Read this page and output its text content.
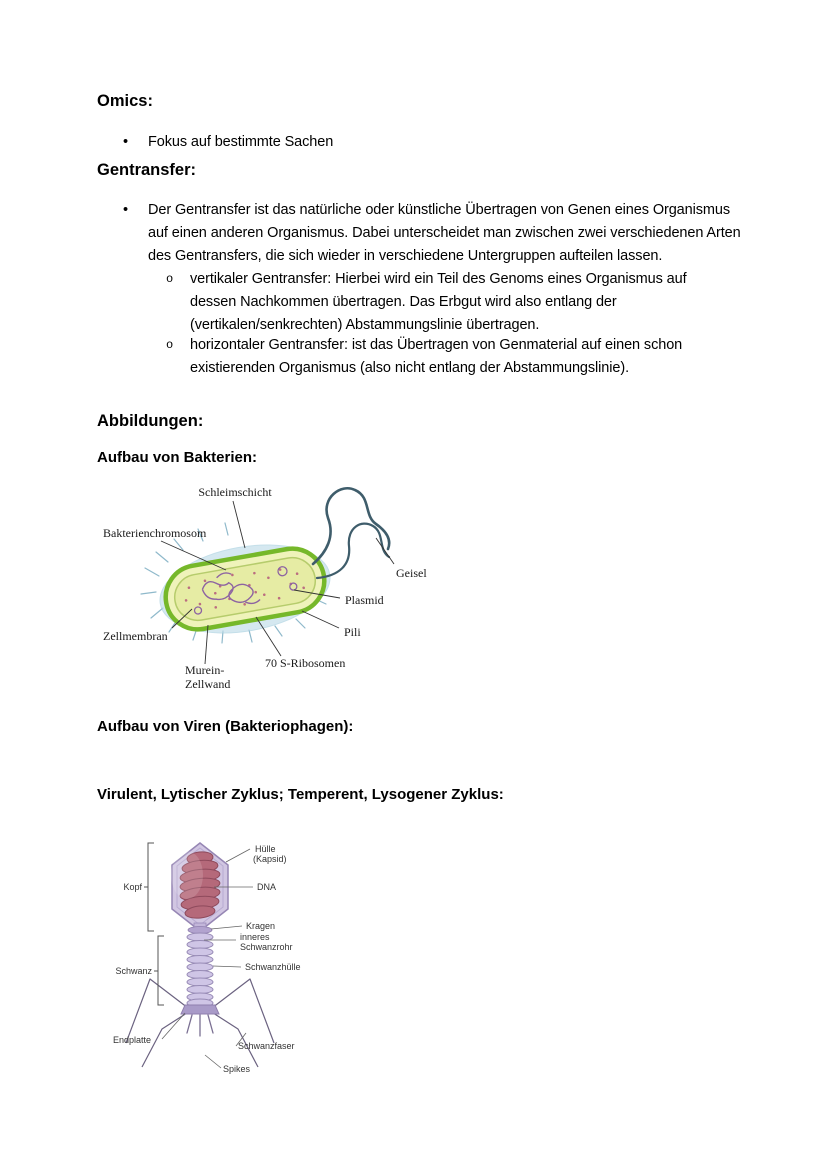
Omics:
•	Fokus auf bestimmte Sachen
Gentransfer:
•	Der Gentransfer ist das natürliche oder künstliche Übertragen von Genen eines Organismus auf einen anderen Organismus. Dabei unterscheidet man zwischen zwei verschiedenen Arten des Gentransfers, die sich wieder in verschiedene Untergruppen aufteilen lassen.
o	vertikaler Gentransfer: Hierbei wird ein Teil des Genoms eines Organismus auf dessen Nachkommen übertragen. Das Erbgut wird also entlang der (vertikalen/senkrechten) Abstammungslinie übertragen.
o	horizontaler Gentransfer: ist das Übertragen von Genmaterial auf einen schon existierenden Organismus (also nicht entlang der Abstammungslinie).
Abbildungen:
Aufbau von Bakterien:
Schleimschicht
Bakterienchromosom
Geisel
Plasmid
Pili
70 S-Ribosomen
Zellmembran
Murein-
Zellwand
Aufbau von Viren (Bakteriophagen):
Virulent, Lytischer Zyklus; Temperent, Lysogener Zyklus:
Hülle
(Kapsid)
DNA
Kragen
inneres
Schwanzrohr
Schwanzhülle
Kopf
Schwanz
Endplatte
Schwanzfaser
Spikes
